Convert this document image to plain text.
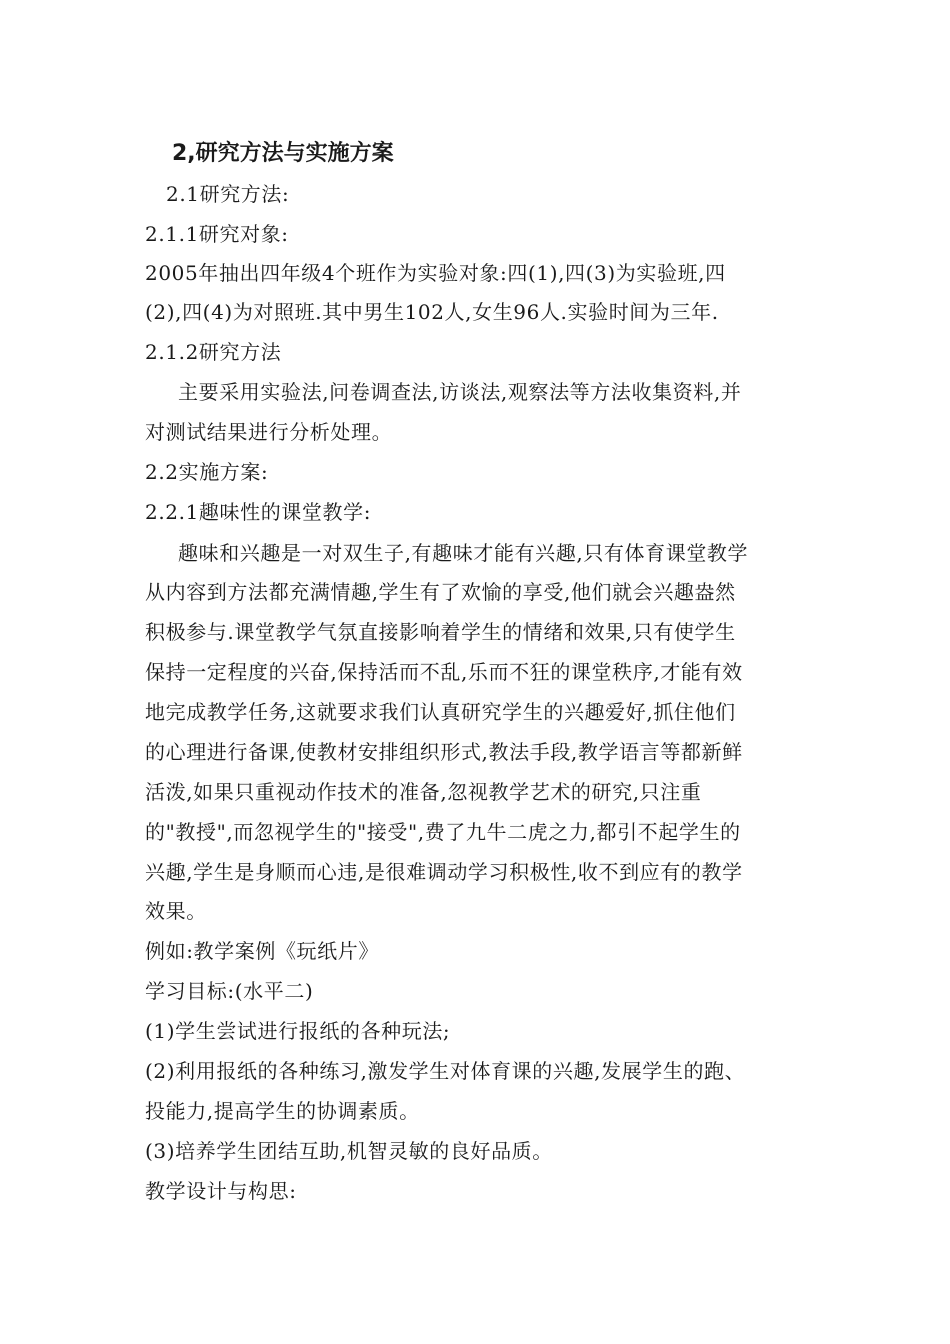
2,研究方法与实施方案
2.1研究方法:
2.1.1研究对象:
2005年抽出四年级4个班作为实验对象:四(1),四(3)为实验班,四
(2),四(4)为对照班.其中男生102人,女生96人.实验时间为三年.
2.1.2研究方法
主要采用实验法,问卷调查法,访谈法,观察法等方法收集资料,并
对测试结果进行分析处理。
2.2实施方案:
2.2.1趣味性的课堂教学:
趣味和兴趣是一对双生子,有趣味才能有兴趣,只有体育课堂教学
从内容到方法都充满情趣,学生有了欢愉的享受,他们就会兴趣盎然
积极参与.课堂教学气氛直接影响着学生的情绪和效果,只有使学生
保持一定程度的兴奋,保持活而不乱,乐而不狂的课堂秩序,才能有效
地完成教学任务,这就要求我们认真研究学生的兴趣爱好,抓住他们
的心理进行备课,使教材安排组织形式,教法手段,教学语言等都新鲜
活泼,如果只重视动作技术的准备,忽视教学艺术的研究,只注重
的"教授",而忽视学生的"接受",费了九牛二虎之力,都引不起学生的
兴趣,学生是身顺而心违,是很难调动学习积极性,收不到应有的教学
效果。
例如:教学案例《玩纸片》
学习目标:(水平二)
(1)学生尝试进行报纸的各种玩法;
(2)利用报纸的各种练习,激发学生对体育课的兴趣,发展学生的跑、
投能力,提高学生的协调素质。
(3)培养学生团结互助,机智灵敏的良好品质。
教学设计与构思:
